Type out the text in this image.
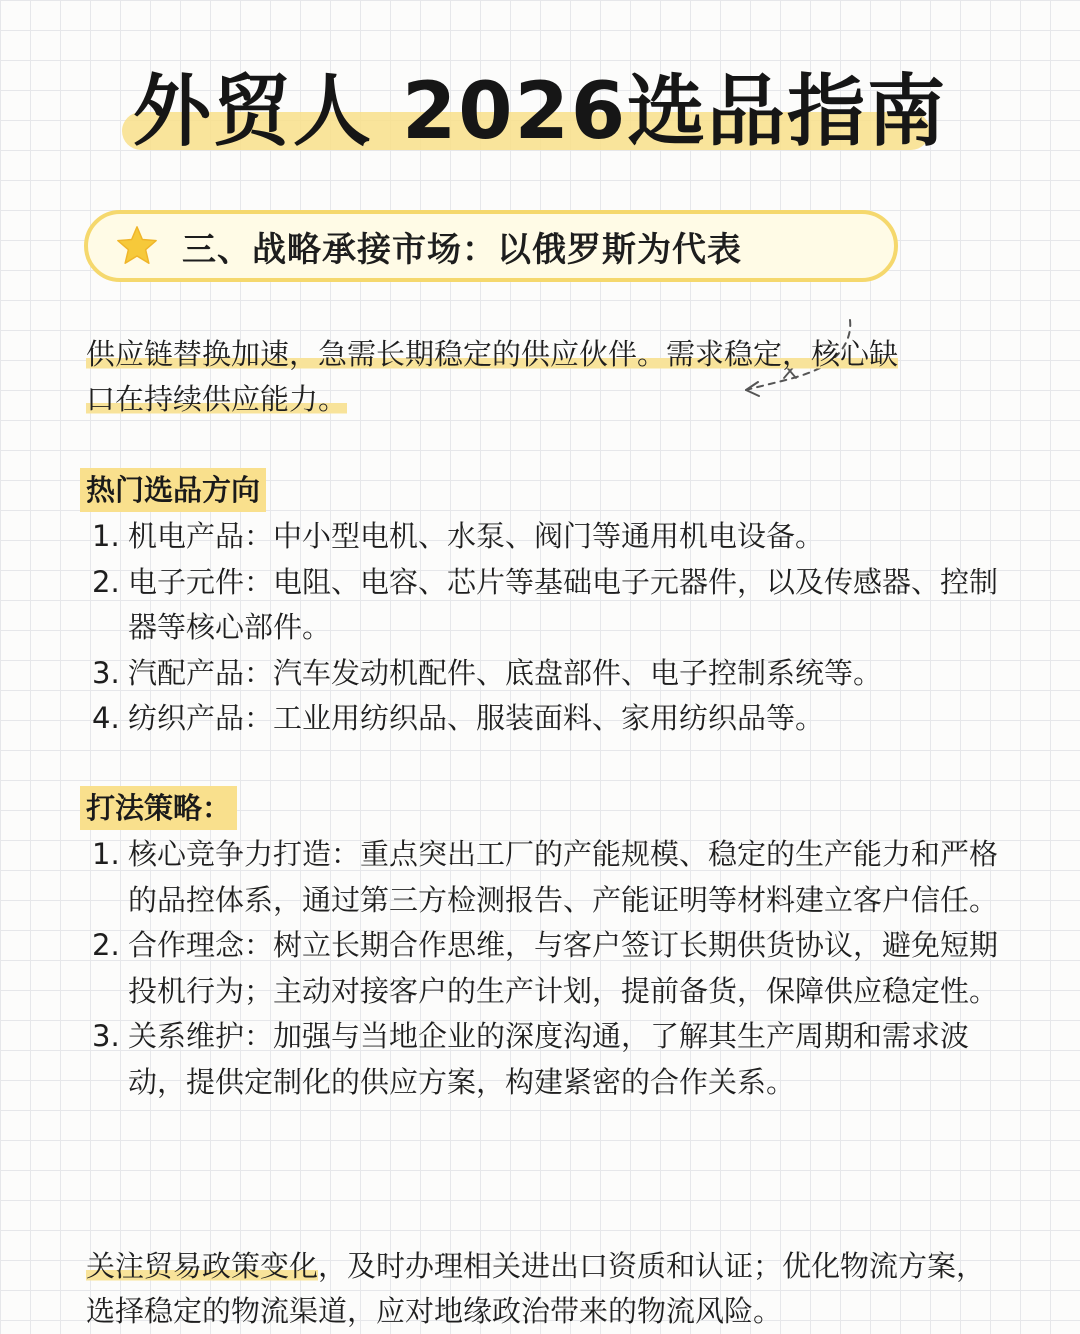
外贸人 2026选品指南
三、战略承接市场：以俄罗斯为代表
供应链替换加速，急需长期稳定的供应伙伴。需求稳定，核心缺
口在持续供应能力。
热门选品方向
1. 机电产品：中小型电机、水泵、阀门等通用机电设备。
2. 电子元件：电阻、电容、芯片等基础电子元器件，以及传感器、控制器等核心部件。
3. 汽配产品：汽车发动机配件、底盘部件、电子控制系统等。
4. 纺织产品：工业用纺织品、服装面料、家用纺织品等。
打法策略：
1. 核心竞争力打造：重点突出工厂的产能规模、稳定的生产能力和严格的品控体系，通过第三方检测报告、产能证明等材料建立客户信任。
2. 合作理念：树立长期合作思维，与客户签订长期供货协议，避免短期投机行为；主动对接客户的生产计划，提前备货，保障供应稳定性。
3. 关系维护：加强与当地企业的深度沟通，了解其生产周期和需求波动，提供定制化的供应方案，构建紧密的合作关系。
关注贸易政策变化，及时办理相关进出口资质和认证；优化物流方案，选择稳定的物流渠道，应对地缘政治带来的物流风险。
